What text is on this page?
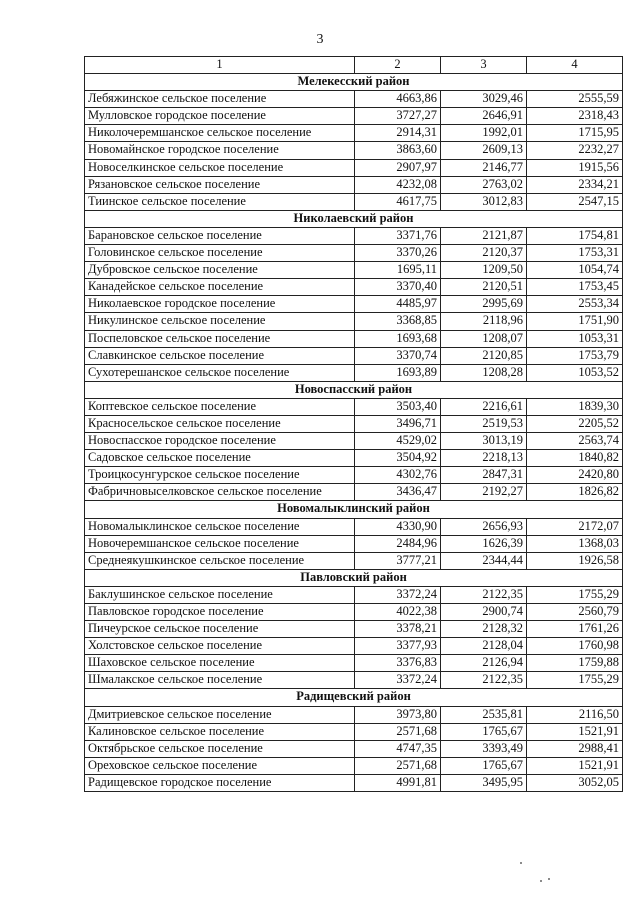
3
1	2	3	4
Мелекесский район			
Лебяжинское сельское поселение	4663,86	3029,46	2555,59
Мулловское городское поселение	3727,27	2646,91	2318,43
Николочеремшанское сельское поселение	2914,31	1992,01	1715,95
Новомайнское городское поселение	3863,60	2609,13	2232,27
Новоселкинское сельское поселение	2907,97	2146,77	1915,56
Рязановское сельское поселение	4232,08	2763,02	2334,21
Тиинское сельское поселение	4617,75	3012,83	2547,15
Николаевский район			
Барановское сельское поселение	3371,76	2121,87	1754,81
Головинское сельское поселение	3370,26	2120,37	1753,31
Дубровское сельское поселение	1695,11	1209,50	1054,74
Канадейское сельское поселение	3370,40	2120,51	1753,45
Николаевское городское поселение	4485,97	2995,69	2553,34
Никулинское сельское поселение	3368,85	2118,96	1751,90
Поспеловское сельское поселение	1693,68	1208,07	1053,31
Славкинское сельское поселение	3370,74	2120,85	1753,79
Сухотерешанское сельское поселение	1693,89	1208,28	1053,52
Новоспасский район			
Коптевское сельское поселение	3503,40	2216,61	1839,30
Красносельское сельское поселение	3496,71	2519,53	2205,52
Новоспасское городское поселение	4529,02	3013,19	2563,74
Садовское сельское поселение	3504,92	2218,13	1840,82
Троицкосунгурское сельское поселение	4302,76	2847,31	2420,80
Фабричновыселковское сельское поселение	3436,47	2192,27	1826,82
Новомалыклинский район			
Новомалыклинское сельское поселение	4330,90	2656,93	2172,07
Новочеремшанское сельское поселение	2484,96	1626,39	1368,03
Среднеякушкинское сельское поселение	3777,21	2344,44	1926,58
Павловский район			
Баклушинское сельское поселение	3372,24	2122,35	1755,29
Павловское городское поселение	4022,38	2900,74	2560,79
Пичеурское сельское поселение	3378,21	2128,32	1761,26
Холстовское сельское поселение	3377,93	2128,04	1760,98
Шаховское сельское поселение	3376,83	2126,94	1759,88
Шмалакское сельское поселение	3372,24	2122,35	1755,29
Радищевский район			
Дмитриевское сельское поселение	3973,80	2535,81	2116,50
Калиновское сельское поселение	2571,68	1765,67	1521,91
Октябрьское сельское поселение	4747,35	3393,49	2988,41
Ореховское сельское поселение	2571,68	1765,67	1521,91
Радищевское городское поселение	4991,81	3495,95	3052,05
